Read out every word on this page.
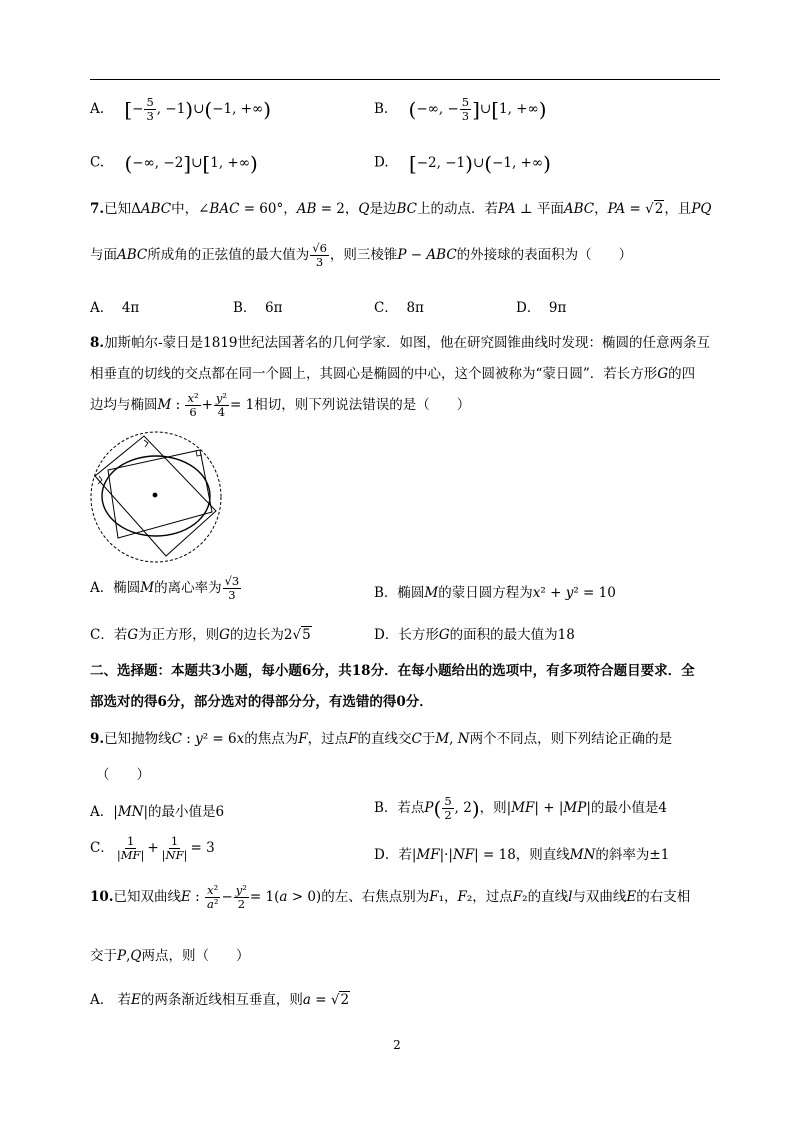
A. [− $\frac{5}{3}$ , −1)∪(−1, +∞)	B. (−∞, − $\frac{5}{3}$ ]∪[1, +∞)
C. (−∞, −2]∪[1, +∞)	D. [−2, −1)∪(−1, +∞)
7.已知ΔABC中，∠BAC = 60°，AB = 2，Q是边BC上的动点．若PA ⊥ 平面ABC，PA = √2，且PQ
与面ABC所成角的正弦值的最大值为 $\frac{√6}{3}$ ，则三棱锥P − ABC的外接球的表面积为（　　）
A． 4π	B． 6π	C． 8π	D． 9π
8.加斯帕尔-蒙日是1819世纪法国著名的几何学家．如图，他在研究圆锥曲线时发现：椭圆的任意两条互
相垂直的切线的交点都在同一个圆上，其圆心是椭圆的中心，这个圆被称为“蒙日圆”．若长方形G的四
边均与椭圆M : $\frac{\text{x²}}{6} + \frac{\text{y²}}{4} = 1$相切，则下列说法错误的是（　　）
A．椭圆M的离心率为 $\frac{√3}{3}$	B．椭圆M的蒙日圆方程为x² + y² = 10
C．若G为正方形，则G的边长为2√5	D．长方形G的面积的最大值为18
二、选择题：本题共3小题，每小题6分，共18分．在每小题给出的选项中，有多项符合题目要求．全
部选对的得6分，部分选对的得部分分，有选错的得0分．
9.已知抛物线C : y² = 6x的焦点为F，过点F的直线交C于M, N两个不同点，则下列结论正确的是
（　　）
A．|MN|的最小值是6	B．若点$P( \frac{5}{2}$ , 2)，则|MF| + |MP|的最小值是4
C． $\frac{1}{|MF|} + \frac{1}{|NF|} = 3$	D．若|MF|·|NF| = 18，则直线MN的斜率为±1
10.已知双曲线E : $\frac{\text{x²}}{\text{a²}} - \frac{\text{y²}}{2} = 1(a > 0)$的左、右焦点别为F₁，F₂，过点F₂的直线l与双曲线E的右支相
交于P,Q两点，则（　　）
A． 若E的两条渐近线相互垂直，则a = √2
2
